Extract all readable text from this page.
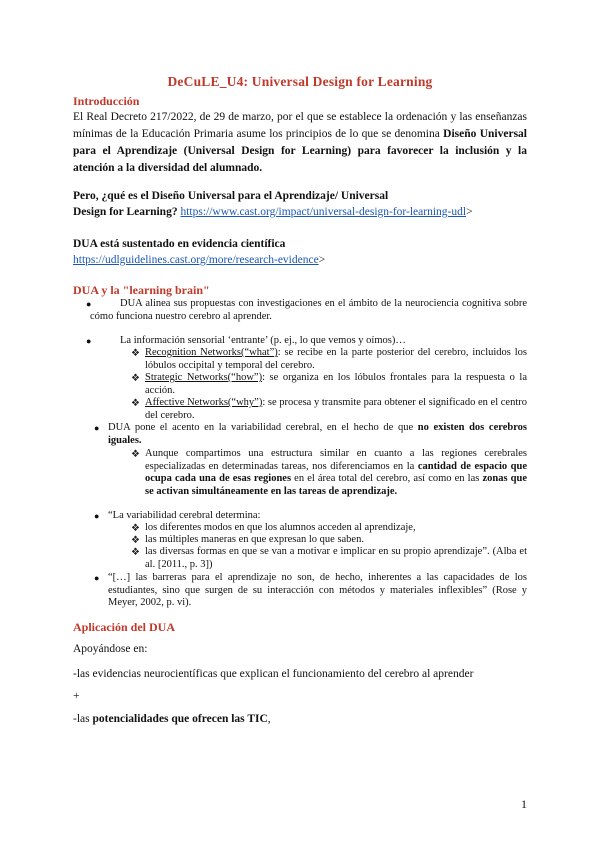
DeCuLE_U4: Universal Design for Learning
Introducción
El Real Decreto 217/2022, de 29 de marzo, por el que se establece la ordenación y las enseñanzas mínimas de la Educación Primaria asume los principios de lo que se denomina Diseño Universal para el Aprendizaje (Universal Design for Learning) para favorecer la inclusión y la atención a la diversidad del alumnado.
Pero, ¿qué es el Diseño Universal para el Aprendizaje/ Universal
Design for Learning? https://www.cast.org/impact/universal-design-for-learning-udl>
DUA está sustentado en evidencia científica
https://udlguidelines.cast.org/more/research-evidence>
DUA y la "learning brain"
●	DUA alinea sus propuestas con investigaciones en el ámbito de la neurociencia cognitiva sobre cómo funciona nuestro cerebro al aprender.
●	La información sensorial ‘entrante’ (p. ej., lo que vemos y oímos)…
❖ Recognition Networks(“what”): se recibe en la parte posterior del cerebro, incluidos los lóbulos occipital y temporal del cerebro.
❖ Strategic Networks(“how”): se organiza en los lóbulos frontales para la respuesta o la acción.
❖ Affective Networks(“why”): se procesa y transmite para obtener el significado en el centro del cerebro.
● DUA pone el acento en la variabilidad cerebral, en el hecho de que no existen dos cerebros iguales.
❖ Aunque compartimos una estructura similar en cuanto a las regiones cerebrales especializadas en determinadas tareas, nos diferenciamos en la cantidad de espacio que ocupa cada una de esas regiones en el área total del cerebro, así como en las zonas que se activan simultáneamente en las tareas de aprendizaje.
● “La variabilidad cerebral determina:
❖ los diferentes modos en que los alumnos acceden al aprendizaje,
❖ las múltiples maneras en que expresan lo que saben.
❖ las diversas formas en que se van a motivar e implicar en su propio aprendizaje”. (Alba et al. [2011., p. 3])
● “[…] las barreras para el aprendizaje no son, de hecho, inherentes a las capacidades de los estudiantes, sino que surgen de su interacción con métodos y materiales inflexibles” (Rose y Meyer, 2002, p. vi).
Aplicación del DUA
Apoyándose en:
-las evidencias neurocientíficas que explican el funcionamiento del cerebro al aprender
+
-las potencialidades que ofrecen las TIC,
1
